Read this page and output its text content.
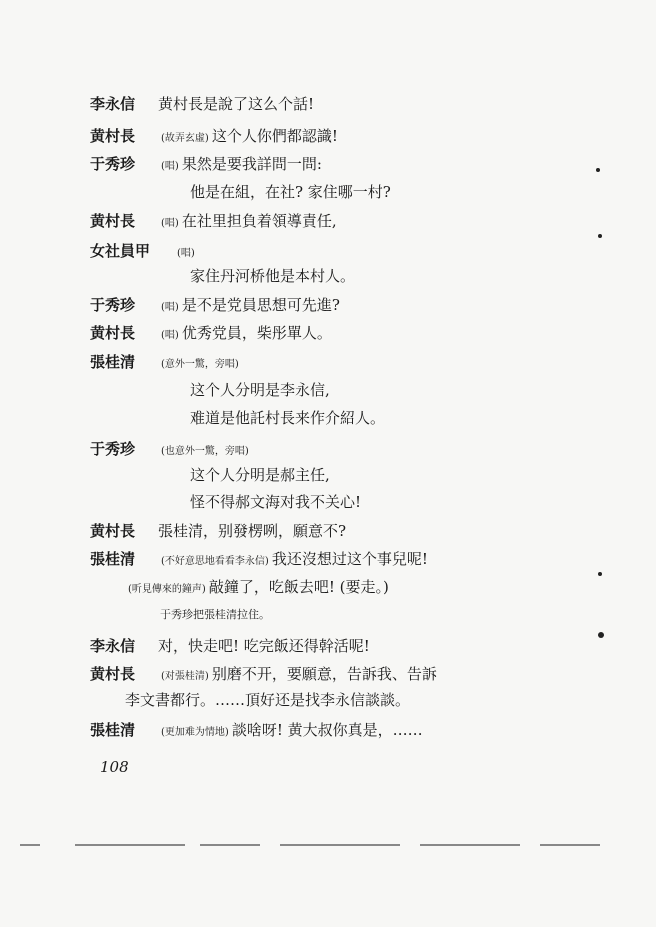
李永信 黄村長是說了这么个話!
黄村長	(故弄玄虛) 这个人你們都認識!
于秀珍	(唱) 果然是要我詳問一問:
他是在組，在社? 家住哪一村?
黄村長	(唱) 在社里担負着領導責任,
女社員甲	(唱)
家住丹河桥他是本村人。
于秀珍	(唱) 是不是党員思想可先進?
黄村長	(唱) 优秀党員，柴彤單人。
張桂清	(意外一驚，旁唱)
这个人分明是李永信,
难道是他託村長来作介紹人。
于秀珍	(也意外一驚，旁唱)
这个人分明是郝主任,
怪不得郝文海对我不关心!
黄村長 張桂清，别發楞咧，願意不?
張桂清	(不好意思地看看李永信) 我还沒想过这个事兒呢!
(听見傳來的鐘声) 敲鐘了，吃飯去吧! (要走。)
于秀珍把張桂清拉住。
李永信 对，快走吧! 吃完飯还得幹活呢!
黄村長	(对張桂清) 别磨不开，要願意，告訴我、告訴
李文書都行。……頂好还是找李永信談談。
張桂清	(更加难为情地) 談啥呀! 黄大叔你真是，……
108
